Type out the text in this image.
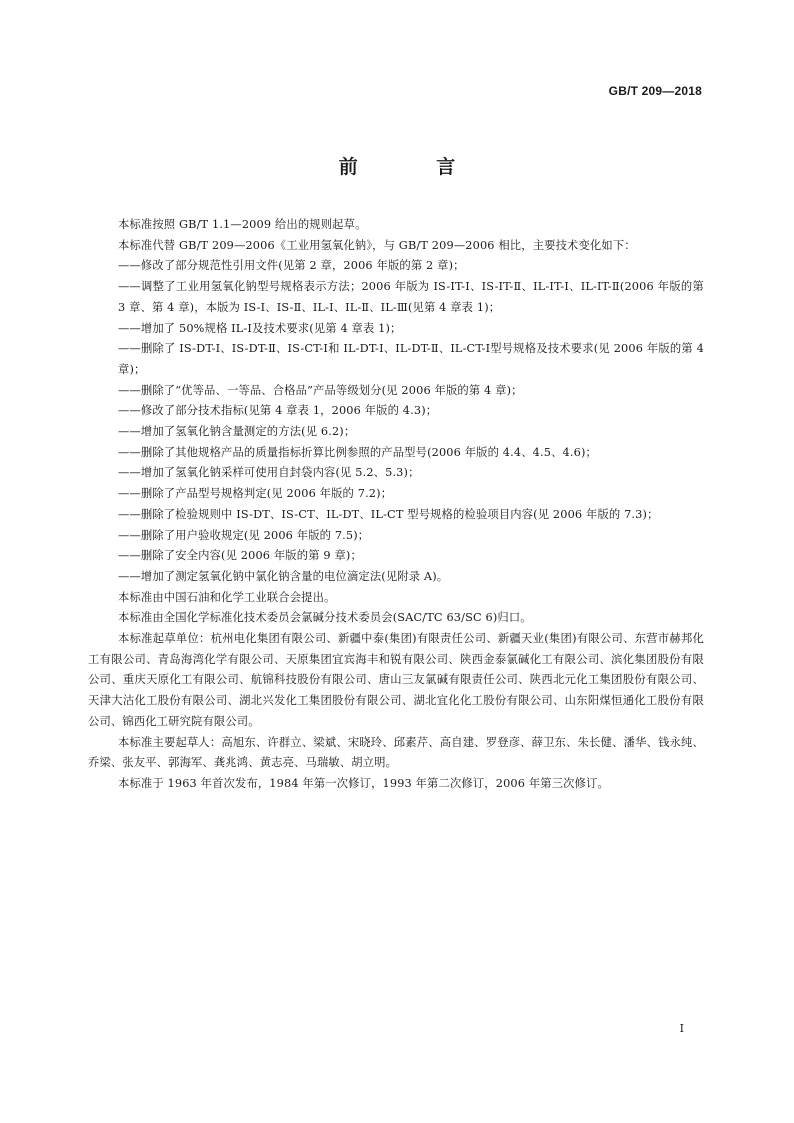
GB/T 209—2018
前 言

本标准按照 GB/T 1.1—2009 给出的规则起草。

本标准代替 GB/T 209—2006《工业用氢氧化钠》，与 GB/T 209—2006 相比，主要技术变化如下：

——修改了部分规范性引用文件(见第 2 章，2006 年版的第 2 章)；

——调整了工业用氢氧化钠型号规格表示方法；2006 年版为 IS-IT-Ⅰ、IS-IT-Ⅱ、IL-IT-Ⅰ、IL-IT-Ⅱ(2006 年版的第 3 章、第 4 章)，本版为 IS-Ⅰ、IS-Ⅱ、IL-Ⅰ、IL-Ⅱ、IL-Ⅲ(见第 4 章表 1)；

——增加了 50%规格 IL-Ⅰ及技术要求(见第 4 章表 1)；

——删除了 IS-DT-Ⅰ、IS-DT-Ⅱ、IS-CT-Ⅰ和 IL-DT-Ⅰ、IL-DT-Ⅱ、IL-CT-Ⅰ型号规格及技术要求(见 2006 年版的第 4 章)；

——删除了“优等品、一等品、合格品”产品等级划分(见 2006 年版的第 4 章)；

——修改了部分技术指标(见第 4 章表 1，2006 年版的 4.3)；

——增加了氢氧化钠含量测定的方法(见 6.2)；

——删除了其他规格产品的质量指标折算比例参照的产品型号(2006 年版的 4.4、4.5、4.6)；

——增加了氢氧化钠采样可使用自封袋内容(见 5.2、5.3)；

——删除了产品型号规格判定(见 2006 年版的 7.2)；

——删除了检验规则中 IS-DT、IS-CT、IL-DT、IL-CT 型号规格的检验项目内容(见 2006 年版的 7.3)；

——删除了用户验收规定(见 2006 年版的 7.5)；

——删除了安全内容(见 2006 年版的第 9 章)；

——增加了测定氢氧化钠中氯化钠含量的电位滴定法(见附录 A)。

本标准由中国石油和化学工业联合会提出。

本标准由全国化学标准化技术委员会氯碱分技术委员会(SAC/TC 63/SC 6)归口。

本标准起草单位：杭州电化集团有限公司、新疆中泰(集团)有限责任公司、新疆天业(集团)有限公司、东营市赫邦化工有限公司、青岛海湾化学有限公司、天原集团宜宾海丰和锐有限公司、陕西金泰氯碱化工有限公司、滨化集团股份有限公司、重庆天原化工有限公司、航锦科技股份有限公司、唐山三友氯碱有限责任公司、陕西北元化工集团股份有限公司、天津大沽化工股份有限公司、湖北兴发化工集团股份有限公司、湖北宜化化工股份有限公司、山东阳煤恒通化工股份有限公司、锦西化工研究院有限公司。

本标准主要起草人：高旭东、许群立、梁斌、宋晓玲、邱素芹、高自建、罗登彦、薛卫东、朱长健、潘华、钱永纯、乔梁、张友平、郭海军、龚兆鸿、黄志亮、马瑞敏、胡立明。

本标准于 1963 年首次发布，1984 年第一次修订，1993 年第二次修订，2006 年第三次修订。

Ⅰ
